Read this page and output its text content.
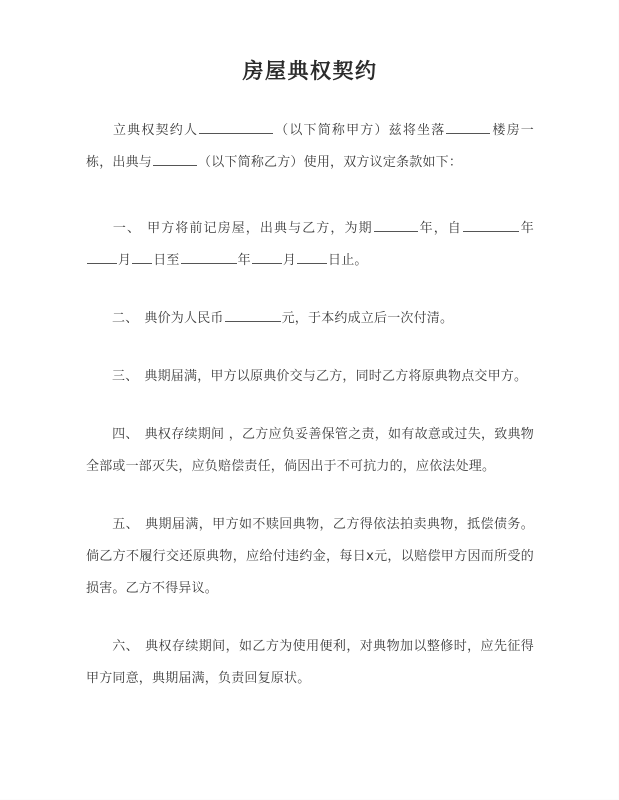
房屋典权契约

立典权契约人	（以下简称甲方）兹将坐落	楼房一栋，出典与	（以下简称乙方）使用，双方议定条款如下：

一、 甲方将前记房屋，出典与乙方，为期	年，自	年月 日至	年 月 日止。

二、 典价为人民币	元，于本约成立后一次付清。

三、 典期届满，甲方以原典价交与乙方，同时乙方将原典物点交甲方。

四、 典权存续期间 ，乙方应负妥善保管之责，如有故意或过失，致典物全部或一部灭失，应负赔偿责任，倘因出于不可抗力的，应依法处理。

五、 典期届满，甲方如不赎回典物，乙方得依法拍卖典物，抵偿债务。倘乙方不履行交还原典物，应给付违约金，每日ⅹ元，以赔偿甲方因而所受的损害。乙方不得异议。

六、 典权存续期间，如乙方为使用便利，对典物加以整修时，应先征得甲方同意，典期届满，负责回复原状。
